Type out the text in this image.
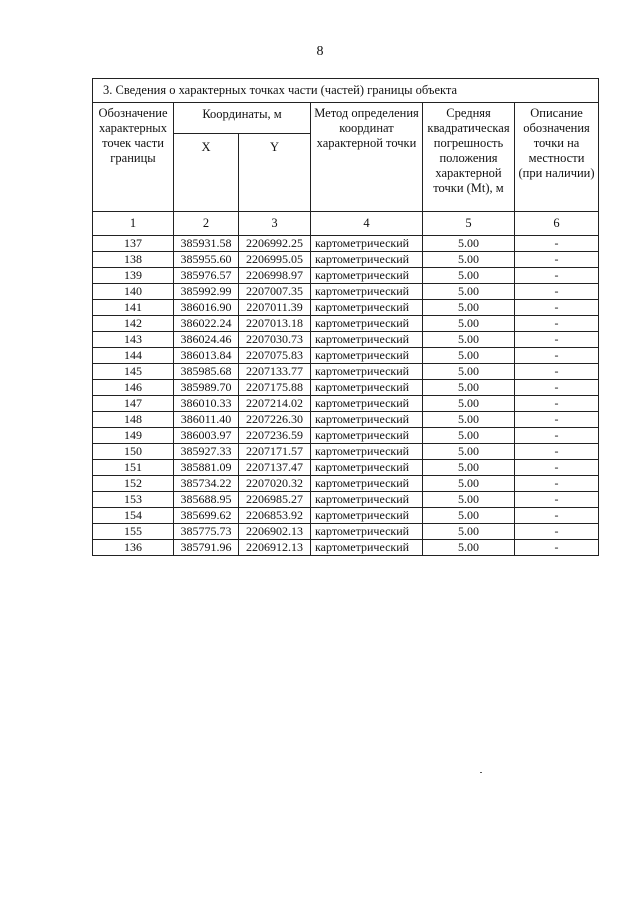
8
3. Сведения о характерных точках части (частей) границы объекта					
Обозначение характерных точек части границы	Координаты, м		Метод определения координат характерной точки	Средняя квадратическая погрешность положения характерной точки (Mt), м	Описание обозначения точки на местности (при наличии)
	X	Y			
1	2	3	4	5	6
137	385931.58	2206992.25	картометрический	5.00	-
138	385955.60	2206995.05	картометрический	5.00	-
139	385976.57	2206998.97	картометрический	5.00	-
140	385992.99	2207007.35	картометрический	5.00	-
141	386016.90	2207011.39	картометрический	5.00	-
142	386022.24	2207013.18	картометрический	5.00	-
143	386024.46	2207030.73	картометрический	5.00	-
144	386013.84	2207075.83	картометрический	5.00	-
145	385985.68	2207133.77	картометрический	5.00	-
146	385989.70	2207175.88	картометрический	5.00	-
147	386010.33	2207214.02	картометрический	5.00	-
148	386011.40	2207226.30	картометрический	5.00	-
149	386003.97	2207236.59	картометрический	5.00	-
150	385927.33	2207171.57	картометрический	5.00	-
151	385881.09	2207137.47	картометрический	5.00	-
152	385734.22	2207020.32	картометрический	5.00	-
153	385688.95	2206985.27	картометрический	5.00	-
154	385699.62	2206853.92	картометрический	5.00	-
155	385775.73	2206902.13	картометрический	5.00	-
136	385791.96	2206912.13	картометрический	5.00	-
